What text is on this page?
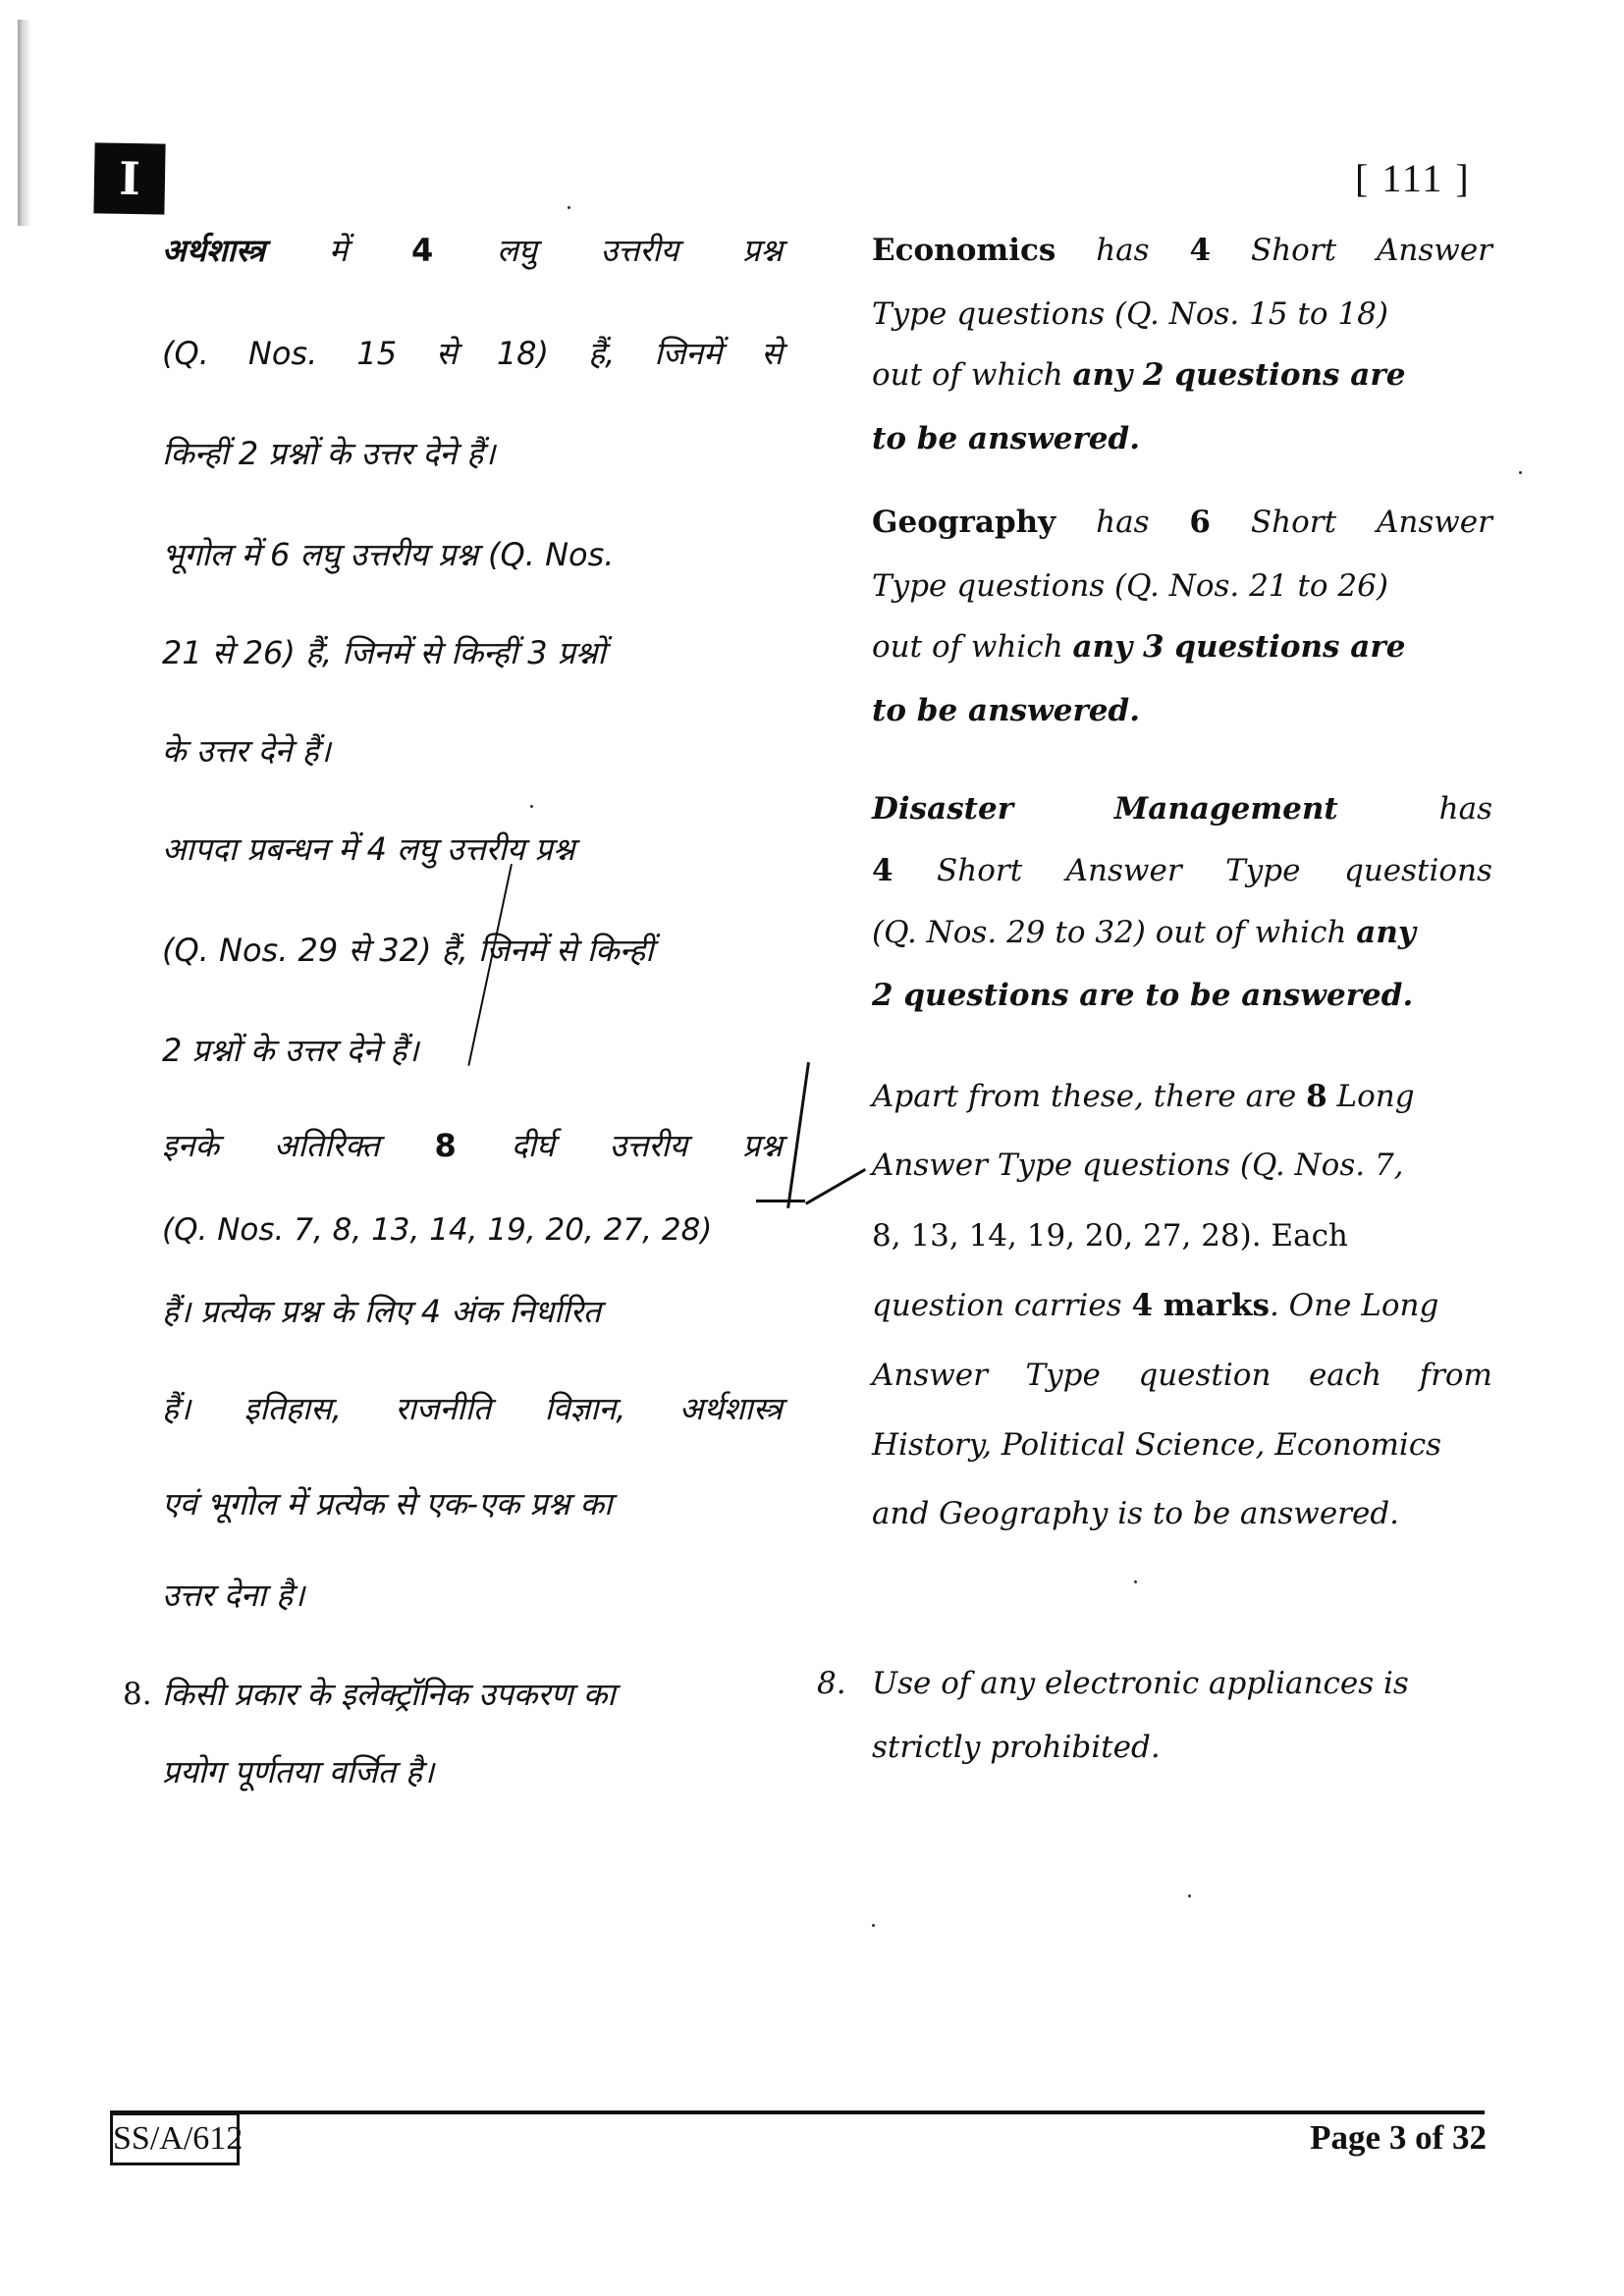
I	[ 111 ]
अर्थशास्त्र में 4 लघु उत्तरीय प्रश्न
(Q. Nos. 15 से 18) हैं, जिनमें से
किन्हीं 2 प्रश्नों के उत्तर देने हैं।
भूगोल में 6 लघु उत्तरीय प्रश्न (Q. Nos.
21 से 26) हैं, जिनमें से किन्हीं 3 प्रश्नों
के उत्तर देने हैं।
आपदा प्रबन्धन में 4 लघु उत्तरीय प्रश्न
(Q. Nos. 29 से 32) हैं, जिनमें से किन्हीं
2 प्रश्नों के उत्तर देने हैं।
इनके अतिरिक्त 8 दीर्घ उत्तरीय प्रश्न
(Q. Nos. 7, 8, 13, 14, 19, 20, 27, 28)
हैं। प्रत्येक प्रश्न के लिए 4 अंक निर्धारित
हैं। इतिहास, राजनीति विज्ञान, अर्थशास्त्र
एवं भूगोल में प्रत्येक से एक-एक प्रश्न का
उत्तर देना है।
8. किसी प्रकार के इलेक्ट्रॉनिक उपकरण का
प्रयोग पूर्णतया वर्जित है।
Economics has 4 Short Answer
Type questions (Q. Nos. 15 to 18)
out of which any 2 questions are
to be answered.
Geography has 6 Short Answer
Type questions (Q. Nos. 21 to 26)
out of which any 3 questions are
to be answered.
Disaster	Management	has
4 Short Answer Type questions
(Q. Nos. 29 to 32) out of which any
2 questions are to be answered.
Apart from these, there are 8 Long
Answer Type questions (Q. Nos. 7,
8, 13, 14, 19, 20, 27, 28). Each
question carries 4 marks. One Long
Answer Type question each from
History, Political Science, Economics
and Geography is to be answered.
8. Use of any electronic appliances is
strictly prohibited.
SS/A/612	Page 3 of 32
